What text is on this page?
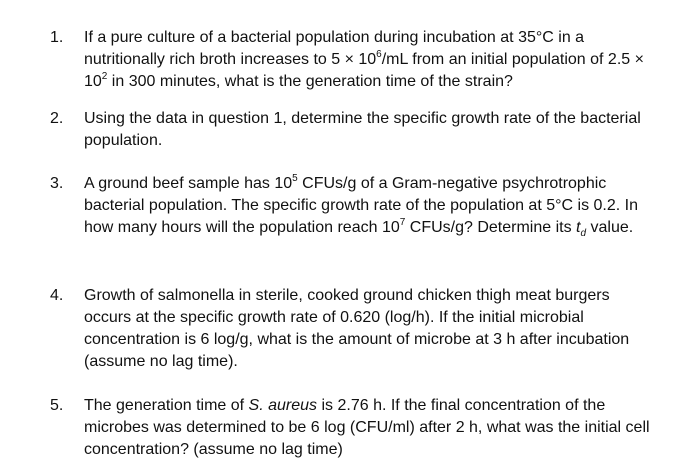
1.	If a pure culture of a bacterial population during incubation at 35°C in a nutritionally rich broth increases to $5 \times 10^6/mL$ from an initial population of $2.5 \times 10^2$ in 300 minutes, what is the generation time of the strain?
2.	Using the data in question 1, determine the specific growth rate of the bacterial population.
3.	A ground beef sample has $10^5$ CFUs/g of a Gram-negative psychrotrophic bacterial population. The specific growth rate of the population at 5°C is 0.2. In how many hours will the population reach $10^7$ CFUs/g? Determine its $t_d$ value.
4.	Growth of salmonella in sterile, cooked ground chicken thigh meat burgers occurs at the specific growth rate of 0.620 (log/h). If the initial microbial concentration is 6 log/g, what is the amount of microbe at 3 h after incubation (assume no lag time).
5.	The generation time of S. aureus is 2.76 h. If the final concentration of the microbes was determined to be 6 log (CFU/ml) after 2 h, what was the initial cell concentration? (assume no lag time)
